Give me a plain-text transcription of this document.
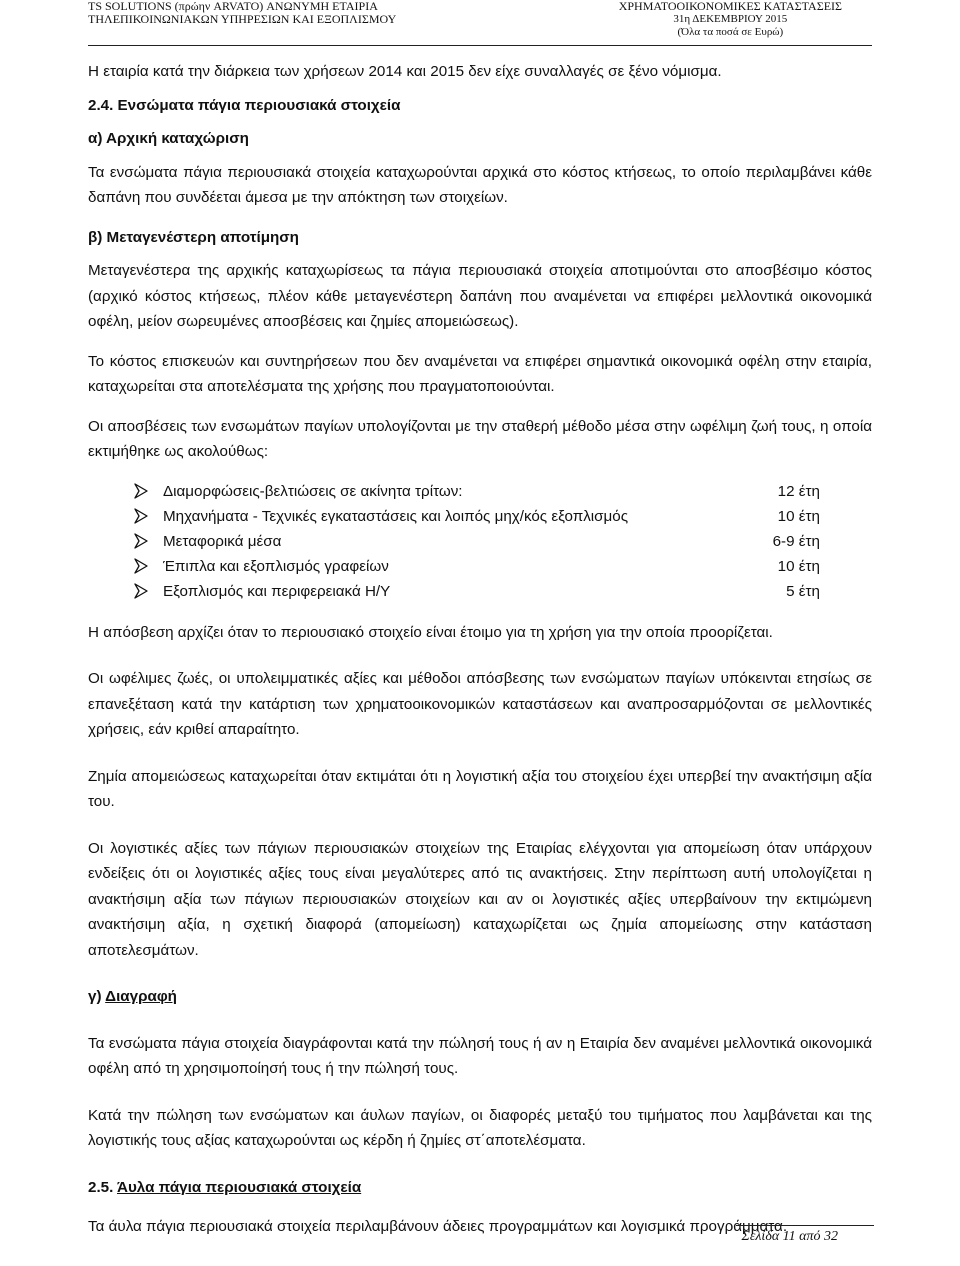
TS SOLUTIONS (πρώην ARVATO) ΑΝΩΝΥΜΗ ΕΤΑΙΡΙΑ
ΤΗΛΕΠΙΚΟΙΝΩΝΙΑΚΩΝ ΥΠΗΡΕΣΙΩΝ ΚΑΙ ΕΞΟΠΛΙΣΜΟΥ
ΧΡΗΜΑΤΟΟΙΚΟΝΟΜΙΚΕΣ ΚΑΤΑΣΤΑΣΕΙΣ
31η ΔΕΚΕΜΒΡΙΟΥ 2015
(Όλα τα ποσά σε Ευρώ)

Η εταιρία κατά την διάρκεια των χρήσεων 2014 και 2015 δεν είχε συναλλαγές σε ξένο νόμισμα.

2.4. Ενσώματα πάγια περιουσιακά στοιχεία

α) Αρχική καταχώριση

Τα ενσώματα πάγια περιουσιακά στοιχεία καταχωρούνται αρχικά στο κόστος κτήσεως, το οποίο περιλαμβάνει κάθε δαπάνη που συνδέεται άμεσα με την απόκτηση των στοιχείων.

β) Μεταγενέστερη αποτίμηση

Μεταγενέστερα της αρχικής καταχωρίσεως τα πάγια περιουσιακά στοιχεία αποτιμούνται στο αποσβέσιμο κόστος (αρχικό κόστος κτήσεως, πλέον κάθε μεταγενέστερη δαπάνη που αναμένεται να επιφέρει μελλοντικά οικονομικά οφέλη, μείον σωρευμένες αποσβέσεις και ζημίες απομειώσεως).

Το κόστος επισκευών και συντηρήσεων που δεν αναμένεται να επιφέρει σημαντικά οικονομικά οφέλη στην εταιρία, καταχωρείται στα αποτελέσματα της χρήσης που πραγματοποιούνται.

Οι αποσβέσεις των ενσωμάτων παγίων υπολογίζονται με την σταθερή μέθοδο μέσα στην ωφέλιμη ζωή τους, η οποία εκτιμήθηκε ως ακολούθως:

Διαμορφώσεις-βελτιώσεις σε ακίνητα τρίτων:	12 έτη
Μηχανήματα - Τεχνικές εγκαταστάσεις και λοιπός μηχ/κός εξοπλισμός	10 έτη
Μεταφορικά μέσα	6-9 έτη
Έπιπλα και εξοπλισμός γραφείων	10 έτη
Εξοπλισμός και περιφερειακά Η/Υ	5 έτη

Η απόσβεση αρχίζει όταν το περιουσιακό στοιχείο είναι έτοιμο για τη χρήση για την οποία προορίζεται.

Οι ωφέλιμες ζωές, οι υπολειμματικές αξίες και μέθοδοι απόσβεσης των ενσώματων παγίων υπόκεινται ετησίως σε επανεξέταση κατά την κατάρτιση των χρηματοοικονομικών καταστάσεων και αναπροσαρμόζονται σε μελλοντικές χρήσεις, εάν κριθεί απαραίτητο.

Ζημία απομειώσεως καταχωρείται όταν εκτιμάται ότι η λογιστική αξία του στοιχείου έχει υπερβεί την ανακτήσιμη αξία του.

Οι λογιστικές αξίες των πάγιων περιουσιακών στοιχείων της Εταιρίας ελέγχονται για απομείωση όταν υπάρχουν ενδείξεις ότι οι λογιστικές αξίες τους είναι μεγαλύτερες από τις ανακτήσεις. Στην περίπτωση αυτή υπολογίζεται η ανακτήσιμη αξία των πάγιων περιουσιακών στοιχείων και αν οι λογιστικές αξίες υπερβαίνουν την εκτιμώμενη ανακτήσιμη αξία, η σχετική διαφορά (απομείωση) καταχωρίζεται ως ζημία απομείωσης στην κατάσταση αποτελεσμάτων.

γ) Διαγραφή

Τα ενσώματα πάγια στοιχεία διαγράφονται κατά την πώλησή τους ή αν η Εταιρία δεν αναμένει μελλοντικά οικονομικά οφέλη από τη χρησιμοποίησή τους ή την πώλησή τους.

Κατά την πώληση των ενσώματων και άυλων παγίων, οι διαφορές μεταξύ του τιμήματος που λαμβάνεται και της λογιστικής τους αξίας καταχωρούνται ως κέρδη ή ζημίες στ΄αποτελέσματα.

2.5. Άυλα πάγια περιουσιακά στοιχεία

Τα άυλα πάγια περιουσιακά στοιχεία περιλαμβάνουν άδειες προγραμμάτων και λογισμικά προγράμματα.

Σελίδα 11 από 32
